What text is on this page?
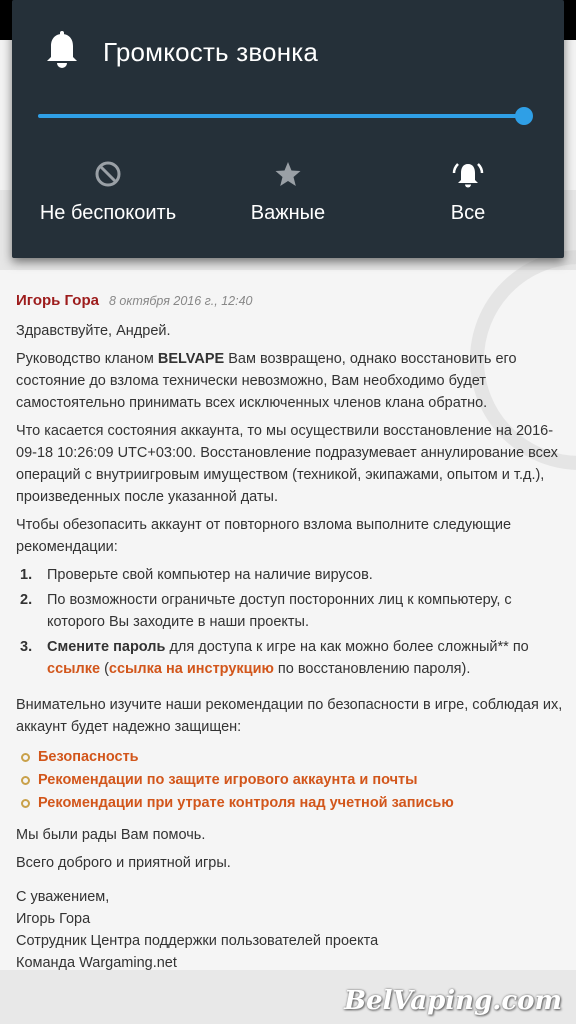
Игорь Гора 8 октября 2016 г., 12:40

Здравствуйте, Андрей.

Руководство кланом BELVAPE Вам возвращено, однако восстановить его состояние до взлома технически невозможно, Вам необходимо будет самостоятельно принимать всех исключенных членов клана обратно.

Что касается состояния аккаунта, то мы осуществили восстановление на 2016-09-18 10:26:09 UTC+03:00. Восстановление подразумевает аннулирование всех операций с внутриигровым имуществом (техникой, экипажами, опытом и т.д.), произведенных после указанной даты.

Чтобы обезопасить аккаунт от повторного взлома выполните следующие рекомендации:

1. Проверьте свой компьютер на наличие вирусов.
2. По возможности ограничьте доступ посторонних лиц к компьютеру, с которого Вы заходите в наши проекты.
3. Смените пароль для доступа к игре на как можно более сложный** по ссылке (ссылка на инструкцию по восстановлению пароля).

Внимательно изучите наши рекомендации по безопасности в игре, соблюдая их, аккаунт будет надежно защищен:

Безопасность
Рекомендации по защите игрового аккаунта и почты
Рекомендации при утрате контроля над учетной записью

Мы были рады Вам помочь.

Всего доброго и приятной игры.

С уважением,
Игорь Гора
Сотрудник Центра поддержки пользователей проекта
Команда Wargaming.net
BelVaping.com
Громкость звонка
Не беспокоить	Важные	Все
